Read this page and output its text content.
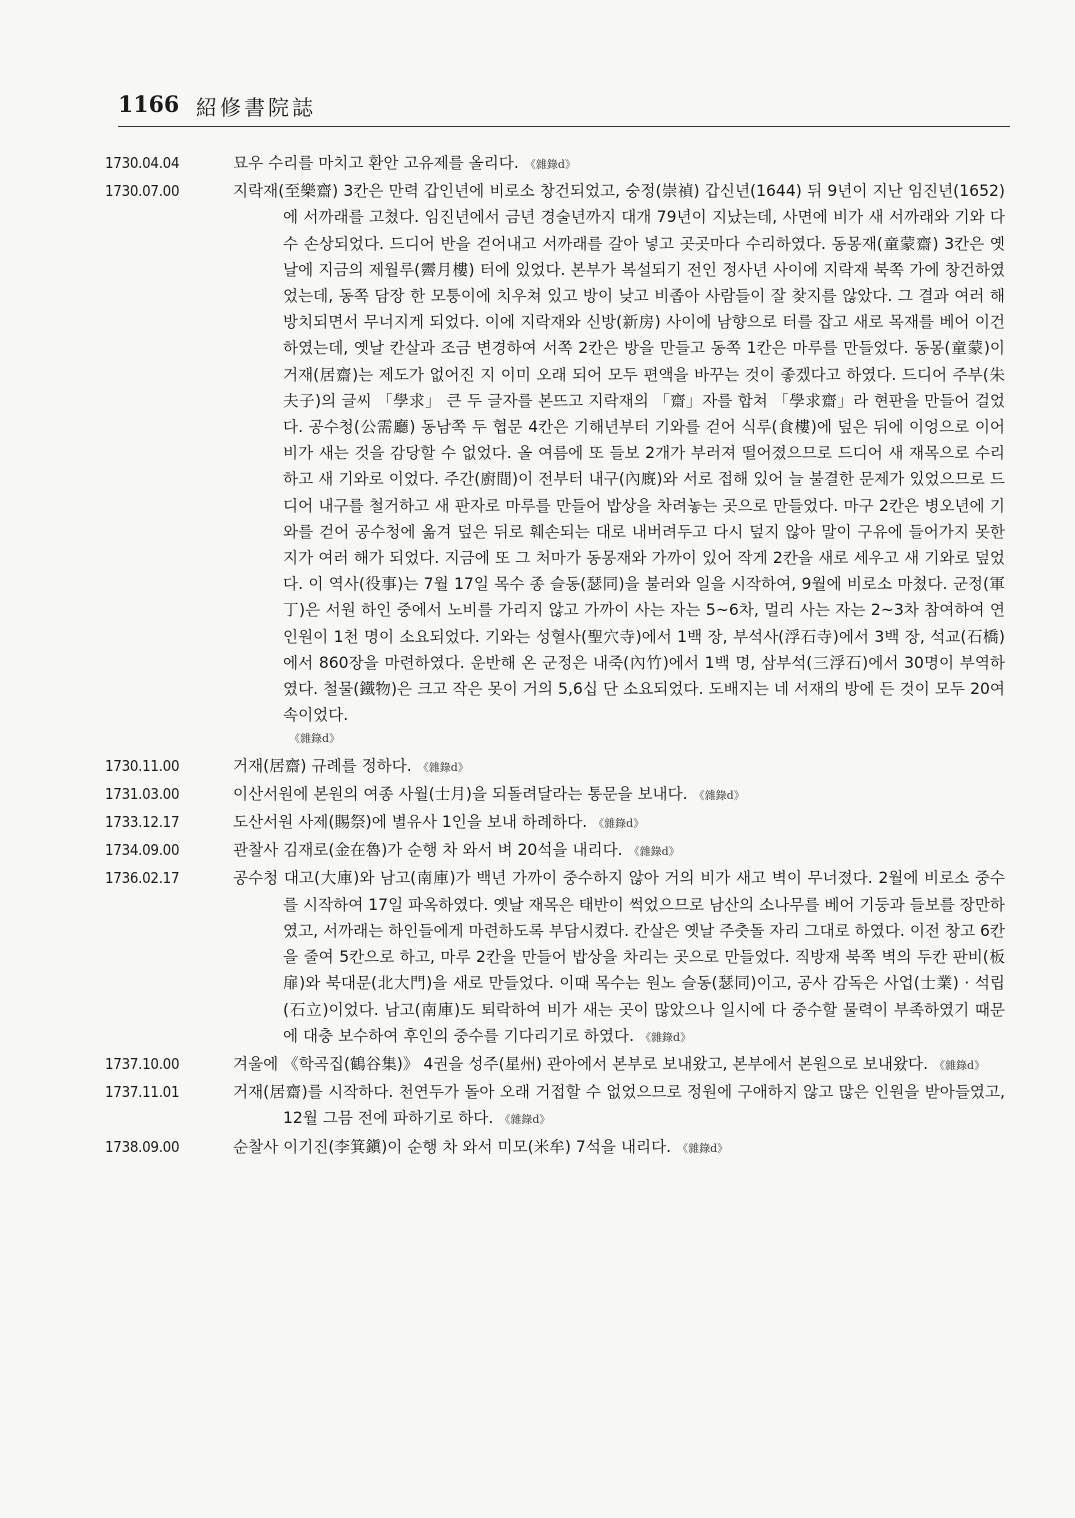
1166 紹修書院誌
1730.04.04	묘우 수리를 마치고 환안 고유제를 올리다. 《雜錄d》
1730.07.00	지락재(至樂齋) 3칸은 만력 갑인년에 비로소 창건되었고, 숭정(崇禎) 갑신년(1644) 뒤 9년이 지난 임진년(1652)에 서까래를 고쳤다. 임진년에서 금년 경술년까지 대개 79년이 지났는데, 사면에 비가 새 서까래와 기와 다수 손상되었다. 드디어 반을 걷어내고 서까래를 갈아 넣고 곳곳마다 수리하였다. 동몽재(童蒙齋) 3칸은 옛날에 지금의 제월루(霽月樓) 터에 있었다. 본부가 복설되기 전인 정사년 사이에 지락재 북쪽 가에 창건하였었는데, 동쪽 담장 한 모퉁이에 치우쳐 있고 방이 낮고 비좁아 사람들이 잘 찾지를 않았다. 그 결과 여러 해 방치되면서 무너지게 되었다. 이에 지락재와 신방(新房) 사이에 남향으로 터를 잡고 새로 목재를 베어 이건하였는데, 옛날 칸살과 조금 변경하여 서쪽 2칸은 방을 만들고 동쪽 1칸은 마루를 만들었다. 동몽(童蒙)이 거재(居齋)는 제도가 없어진 지 이미 오래 되어 모두 편액을 바꾸는 것이 좋겠다고 하였다. 드디어 주부(朱夫子)의 글씨 「學求」 큰 두 글자를 본뜨고 지락재의 「齋」자를 합쳐 「學求齋」라 현판을 만들어 걸었다. 공수청(公需廳) 동남쪽 두 협문 4칸은 기해년부터 기와를 걷어 식루(食樓)에 덮은 뒤에 이엉으로 이어 비가 새는 것을 감당할 수 없었다. 올 여름에 또 들보 2개가 부러져 떨어졌으므로 드디어 새 재목으로 수리하고 새 기와로 이었다. 주간(廚間)이 전부터 내구(內廐)와 서로 접해 있어 늘 불결한 문제가 있었으므로 드디어 내구를 철거하고 새 판자로 마루를 만들어 밥상을 차려놓는 곳으로 만들었다. 마구 2칸은 병오년에 기와를 걷어 공수청에 옮겨 덮은 뒤로 훼손되는 대로 내버려두고 다시 덮지 않아 말이 구유에 들어가지 못한 지가 여러 해가 되었다. 지금에 또 그 처마가 동몽재와 가까이 있어 작게 2칸을 새로 세우고 새 기와로 덮었다. 이 역사(役事)는 7월 17일 목수 종 슬동(瑟同)을 불러와 일을 시작하여, 9월에 비로소 마쳤다. 군정(軍丁)은 서원 하인 중에서 노비를 가리지 않고 가까이 사는 자는 5~6차, 멀리 사는 자는 2~3차 참여하여 연인원이 1천 명이 소요되었다. 기와는 성혈사(聖穴寺)에서 1백 장, 부석사(浮石寺)에서 3백 장, 석교(石橋)에서 860장을 마련하였다. 운반해 온 군정은 내죽(內竹)에서 1백 명, 삼부석(三浮石)에서 30명이 부역하였다. 철물(鐵物)은 크고 작은 못이 거의 5,6십 단 소요되었다. 도배지는 네 서재의 방에 든 것이 모두 20여 속이었다.
《雜錄d》
1730.11.00	거재(居齋) 규례를 정하다. 《雜錄d》
1731.03.00	이산서원에 본원의 여종 사월(士月)을 되돌려달라는 통문을 보내다. 《雜錄d》
1733.12.17	도산서원 사제(賜祭)에 별유사 1인을 보내 하례하다. 《雜錄d》
1734.09.00	관찰사 김재로(金在魯)가 순행 차 와서 벼 20석을 내리다. 《雜錄d》
1736.02.17	공수청 대고(大庫)와 남고(南庫)가 백년 가까이 중수하지 않아 거의 비가 새고 벽이 무너졌다. 2월에 비로소 중수를 시작하여 17일 파옥하였다. 옛날 재목은 태반이 썩었으므로 남산의 소나무를 베어 기둥과 들보를 장만하였고, 서까래는 하인들에게 마련하도록 부담시켰다. 칸살은 옛날 주춧돌 자리 그대로 하였다. 이전 창고 6칸을 줄여 5칸으로 하고, 마루 2칸을 만들어 밥상을 차리는 곳으로 만들었다. 직방재 북쪽 벽의 두칸 판비(板扉)와 북대문(北大門)을 새로 만들었다. 이때 목수는 원노 슬동(瑟同)이고, 공사 감독은 사업(士業) · 석립(石立)이었다. 남고(南庫)도 퇴락하여 비가 새는 곳이 많았으나 일시에 다 중수할 물력이 부족하였기 때문에 대충 보수하여 후인의 중수를 기다리기로 하였다. 《雜錄d》
1737.10.00	겨울에 《학곡집(鶴谷集)》 4권을 성주(星州) 관아에서 본부로 보내왔고, 본부에서 본원으로 보내왔다. 《雜錄d》
1737.11.01	거재(居齋)를 시작하다. 천연두가 돌아 오래 거접할 수 없었으므로 정원에 구애하지 않고 많은 인원을 받아들였고, 12월 그믐 전에 파하기로 하다. 《雜錄d》
1738.09.00	순찰사 이기진(李箕鎭)이 순행 차 와서 미모(米牟) 7석을 내리다. 《雜錄d》
